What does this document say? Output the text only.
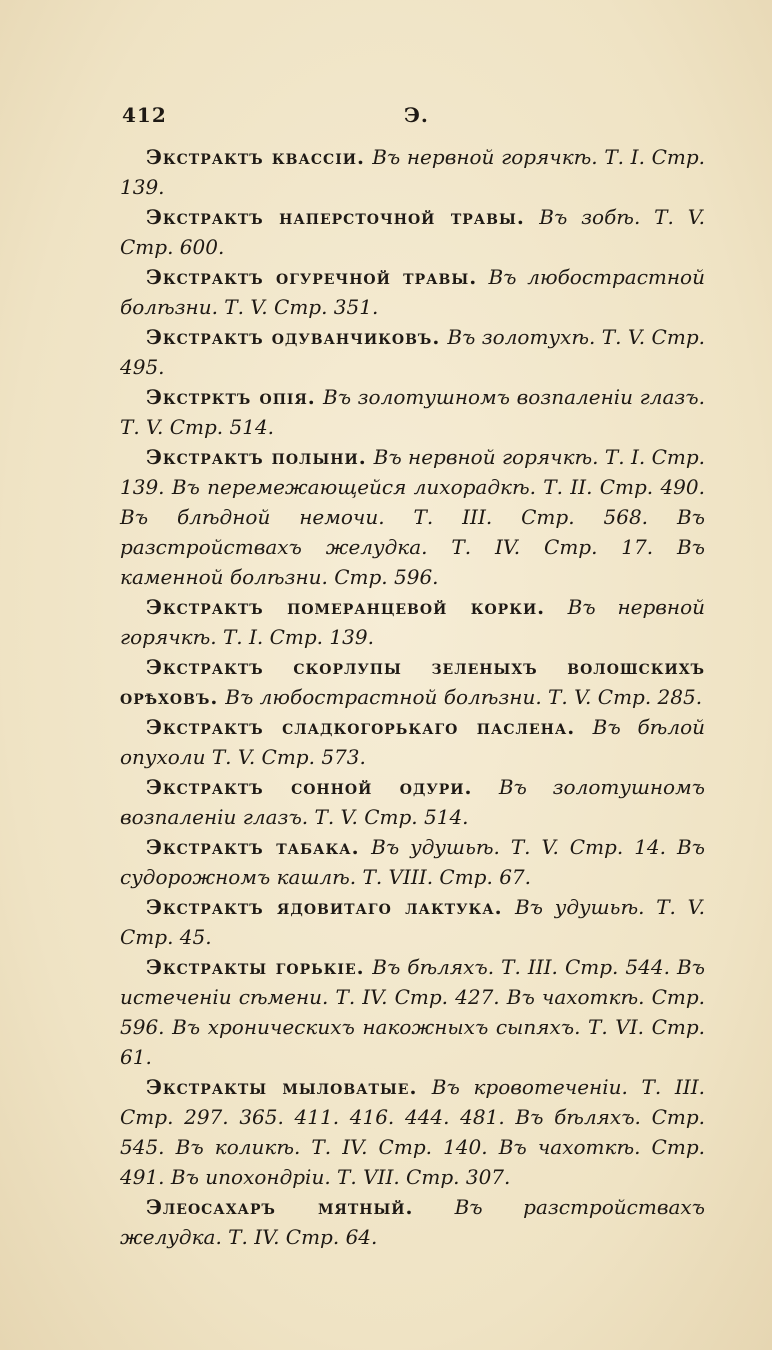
412	Э.

Экстрактъ квассіи. Въ нервной горячкѣ. Т. I. Стр. 139.

Экстрактъ наперсточной травы. Въ зобѣ. Т. V. Стр. 600.

Экстрактъ огуречной травы. Въ любострастной болѣзни. Т. V. Стр. 351.

Экстрактъ одуванчиковъ. Въ золотухѣ. Т. V. Стр. 495.

Экстрктъ опія. Въ золотушномъ возпаленіи глазъ. Т. V. Стр. 514.

Экстрактъ полыни. Въ нервной горячкѣ. Т. I. Стр. 139. Въ перемежающейся лихорадкѣ. Т. II. Стр. 490. Въ блѣдной немочи. Т. III. Стр. 568. Въ разстройствахъ желудка. Т. IV. Стр. 17. Въ каменной болѣзни. Стр. 596.

Экстрактъ померанцевой корки. Въ нервной горячкѣ. Т. I. Стр. 139.

Экстрактъ скорлупы зеленыхъ волошскихъ орѣховъ. Въ любострастной болѣзни. Т. V. Стр. 285.

Экстрактъ сладкогорькаго паслена. Въ бѣлой опухоли Т. V. Стр. 573.

Экстрактъ сонной одури. Въ золотушномъ возпаленіи глазъ. Т. V. Стр. 514.

Экстрактъ табака. Въ удушьѣ. Т. V. Стр. 14. Въ судорожномъ кашлѣ. Т. VIII. Стр. 67.

Экстрактъ ядовитаго лактука. Въ удушьѣ. Т. V. Стр. 45.

Экстракты горькіе. Въ бѣляхъ. Т. III. Стр. 544. Въ истеченіи сѣмени. Т. IV. Стр. 427. Въ чахоткѣ. Стр. 596. Въ хроническихъ накожныхъ сыпяхъ. Т. VI. Стр. 61.

Экстракты мыловатые. Въ кровотеченіи. Т. III. Стр. 297. 365. 411. 416. 444. 481. Въ бѣляхъ. Стр. 545. Въ коликѣ. Т. IV. Стр. 140. Въ чахоткѣ. Стр. 491. Въ ипохондріи. Т. VII. Стр. 307.

Элеосахаръ мятный. Въ разстройствахъ желудка. Т. IV. Стр. 64.
